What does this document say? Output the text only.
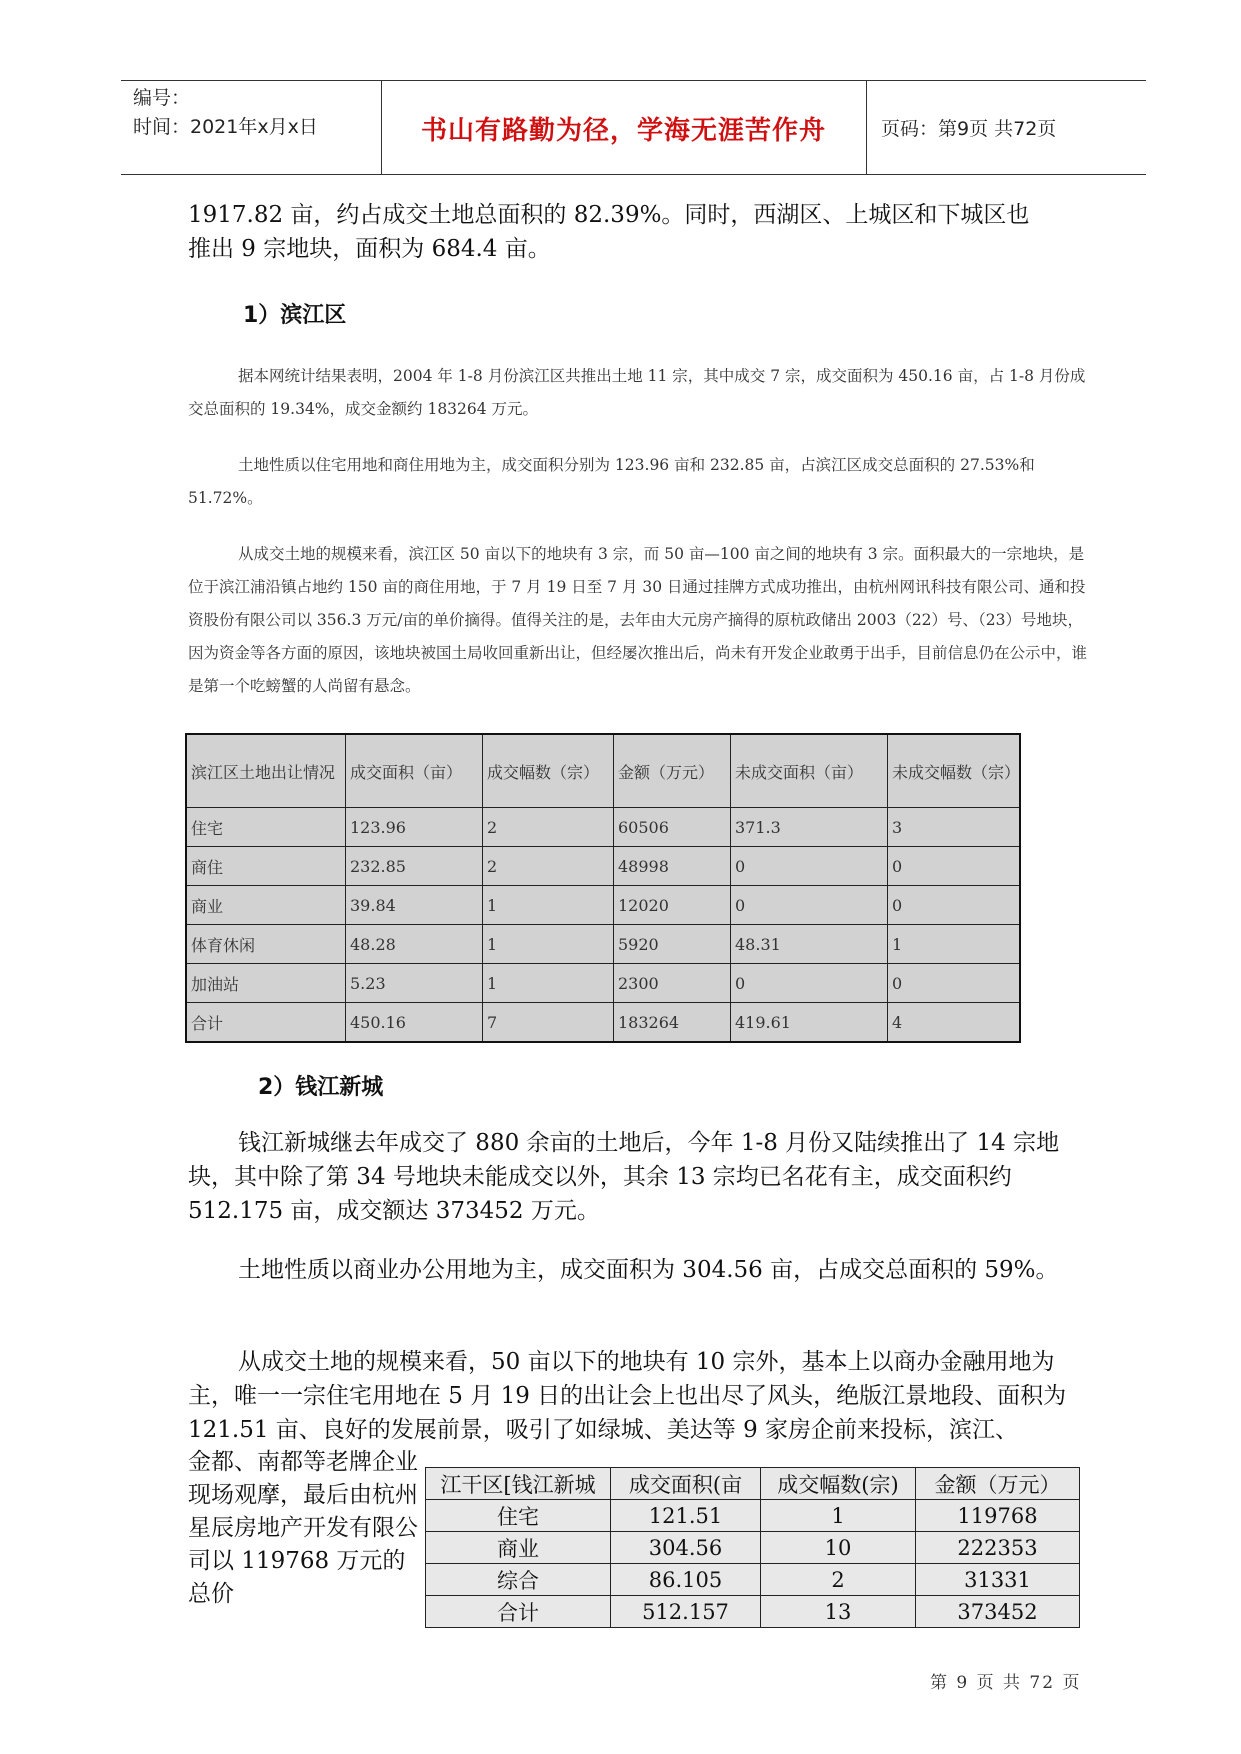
编号：
时间：2021年x月x日	书山有路勤为径，学海无涯苦作舟	页码：第9页 共72页
1917.82 亩，约占成交土地总面积的 82.39%。同时，西湖区、上城区和下城区也
推出 9 宗地块，面积为 684.4 亩。
1）滨江区
据本网统计结果表明，2004 年 1-8 月份滨江区共推出土地 11 宗，其中成交 7 宗，成交面积为 450.16 亩，占 1-8 月份成交总面积的 19.34%，成交金额约 183264 万元。
土地性质以住宅用地和商住用地为主，成交面积分别为 123.96 亩和 232.85 亩，占滨江区成交总面积的 27.53%和 51.72%。
从成交土地的规模来看，滨江区 50 亩以下的地块有 3 宗，而 50 亩—100 亩之间的地块有 3 宗。面积最大的一宗地块，是位于滨江浦沿镇占地约 150 亩的商住用地，于 7 月 19 日至 7 月 30 日通过挂牌方式成功推出，由杭州网讯科技有限公司、通和投资股份有限公司以 356.3 万元/亩的单价摘得。值得关注的是，去年由大元房产摘得的原杭政储出 2003（22）号、（23）号地块，因为资金等各方面的原因，该地块被国土局收回重新出让，但经屡次推出后，尚未有开发企业敢勇于出手，目前信息仍在公示中，谁是第一个吃螃蟹的人尚留有悬念。
滨江区土地出让情况	成交面积（亩）	成交幅数（宗）	金额（万元）	未成交面积（亩）	未成交幅数（宗）
住宅	123.96	2	60506	371.3	3
商住	232.85	2	48998	0	0
商业	39.84	1	12020	0	0
体育休闲	48.28	1	5920	48.31	1
加油站	5.23	1	2300	0	0
合计	450.16	7	183264	419.61	4
2）钱江新城
钱江新城继去年成交了 880 余亩的土地后，今年 1-8 月份又陆续推出了 14 宗地块，其中除了第 34 号地块未能成交以外，其余 13 宗均已名花有主，成交面积约 512.175 亩，成交额达 373452 万元。
土地性质以商业办公用地为主，成交面积为 304.56 亩，占成交总面积的 59%。
从成交土地的规模来看，50 亩以下的地块有 10 宗外，基本上以商办金融用地为主，唯一一宗住宅用地在 5 月 19 日的出让会上也出尽了风头，绝版江景地段、面积为 121.51 亩、良好的发展前景，吸引了如绿城、美达等 9 家房企前来投标，滨江、
金都、南都等老牌企业现场观摩，最后由杭州星辰房地产开发有限公司以 119768 万元的总价
江干区[钱江新城	成交面积(亩	成交幅数(宗)	金额（万元）
住宅	121.51	1	119768
商业	304.56	10	222353
综合	86.105	2	31331
合计	512.157	13	373452
第 9 页 共 72 页
